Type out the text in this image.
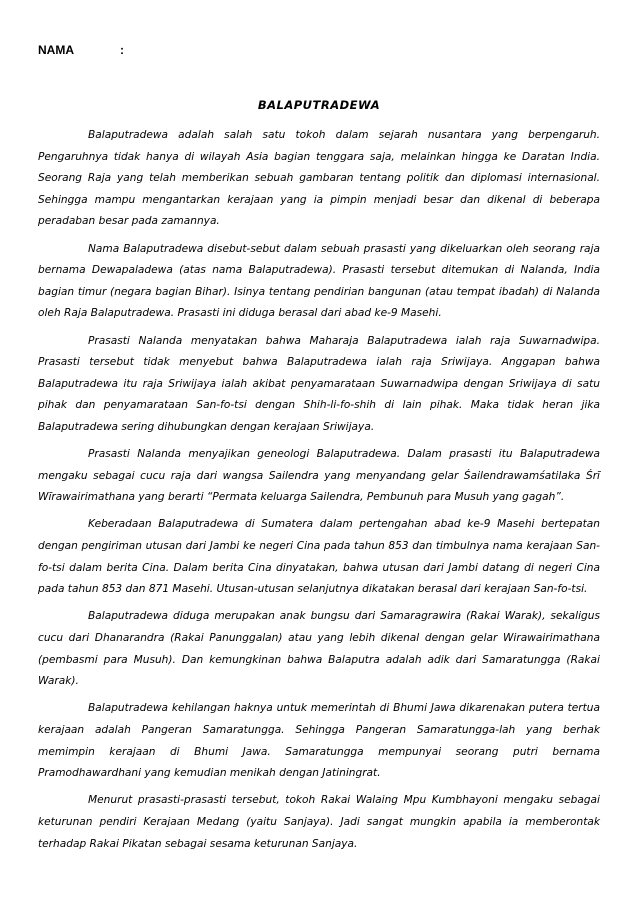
NAMA	:
BALAPUTRADEWA

Balaputradewa adalah salah satu tokoh dalam sejarah nusantara yang berpengaruh. Pengaruhnya tidak hanya di wilayah Asia bagian tenggara saja, melainkan hingga ke Daratan India. Seorang Raja yang telah memberikan sebuah gambaran tentang politik dan diplomasi internasional. Sehingga mampu mengantarkan kerajaan yang ia pimpin menjadi besar dan dikenal di beberapa peradaban besar pada zamannya.

Nama Balaputradewa disebut-sebut dalam sebuah prasasti yang dikeluarkan oleh seorang raja bernama Dewapaladewa (atas nama Balaputradewa). Prasasti tersebut ditemukan di Nalanda, India bagian timur (negara bagian Bihar). Isinya tentang pendirian bangunan (atau tempat ibadah) di Nalanda oleh Raja Balaputradewa. Prasasti ini diduga berasal dari abad ke-9 Masehi.

Prasasti Nalanda menyatakan bahwa Maharaja Balaputradewa ialah raja Suwarnadwipa. Prasasti tersebut tidak menyebut bahwa Balaputradewa ialah raja Sriwijaya. Anggapan bahwa Balaputradewa itu raja Sriwijaya ialah akibat penyamarataan Suwarnadwipa dengan Sriwijaya di satu pihak dan penyamarataan San-fo-tsi dengan Shih-li-fo-shih di lain pihak. Maka tidak heran jika Balaputradewa sering dihubungkan dengan kerajaan Sriwijaya.

Prasasti Nalanda menyajikan geneologi Balaputradewa. Dalam prasasti itu Balaputradewa mengaku sebagai cucu raja dari wangsa Sailendra yang menyandang gelar Śailendrawamśatilaka Śrī Wīrawairimathana yang berarti “Permata keluarga Sailendra, Pembunuh para Musuh yang gagah”.

Keberadaan Balaputradewa di Sumatera dalam pertengahan abad ke-9 Masehi bertepatan dengan pengiriman utusan dari Jambi ke negeri Cina pada tahun 853 dan timbulnya nama kerajaan San-fo-tsi dalam berita Cina. Dalam berita Cina dinyatakan, bahwa utusan dari Jambi datang di negeri Cina pada tahun 853 dan 871 Masehi. Utusan-utusan selanjutnya dikatakan berasal dari kerajaan San-fo-tsi.

Balaputradewa diduga merupakan anak bungsu dari Samaragrawira (Rakai Warak), sekaligus cucu dari Dhanarandra (Rakai Panunggalan) atau yang lebih dikenal dengan gelar Wirawairimathana (pembasmi para Musuh). Dan kemungkinan bahwa Balaputra adalah adik dari Samaratungga (Rakai Warak).

Balaputradewa kehilangan haknya untuk memerintah di Bhumi Jawa dikarenakan putera tertua kerajaan adalah Pangeran Samaratungga. Sehingga Pangeran Samaratungga-lah yang berhak memimpin kerajaan di Bhumi Jawa. Samaratungga mempunyai seorang putri bernama Pramodhawardhani yang kemudian menikah dengan Jatiningrat.

Menurut prasasti-prasasti tersebut, tokoh Rakai Walaing Mpu Kumbhayoni mengaku sebagai keturunan pendiri Kerajaan Medang (yaitu Sanjaya). Jadi sangat mungkin apabila ia memberontak terhadap Rakai Pikatan sebagai sesama keturunan Sanjaya.
